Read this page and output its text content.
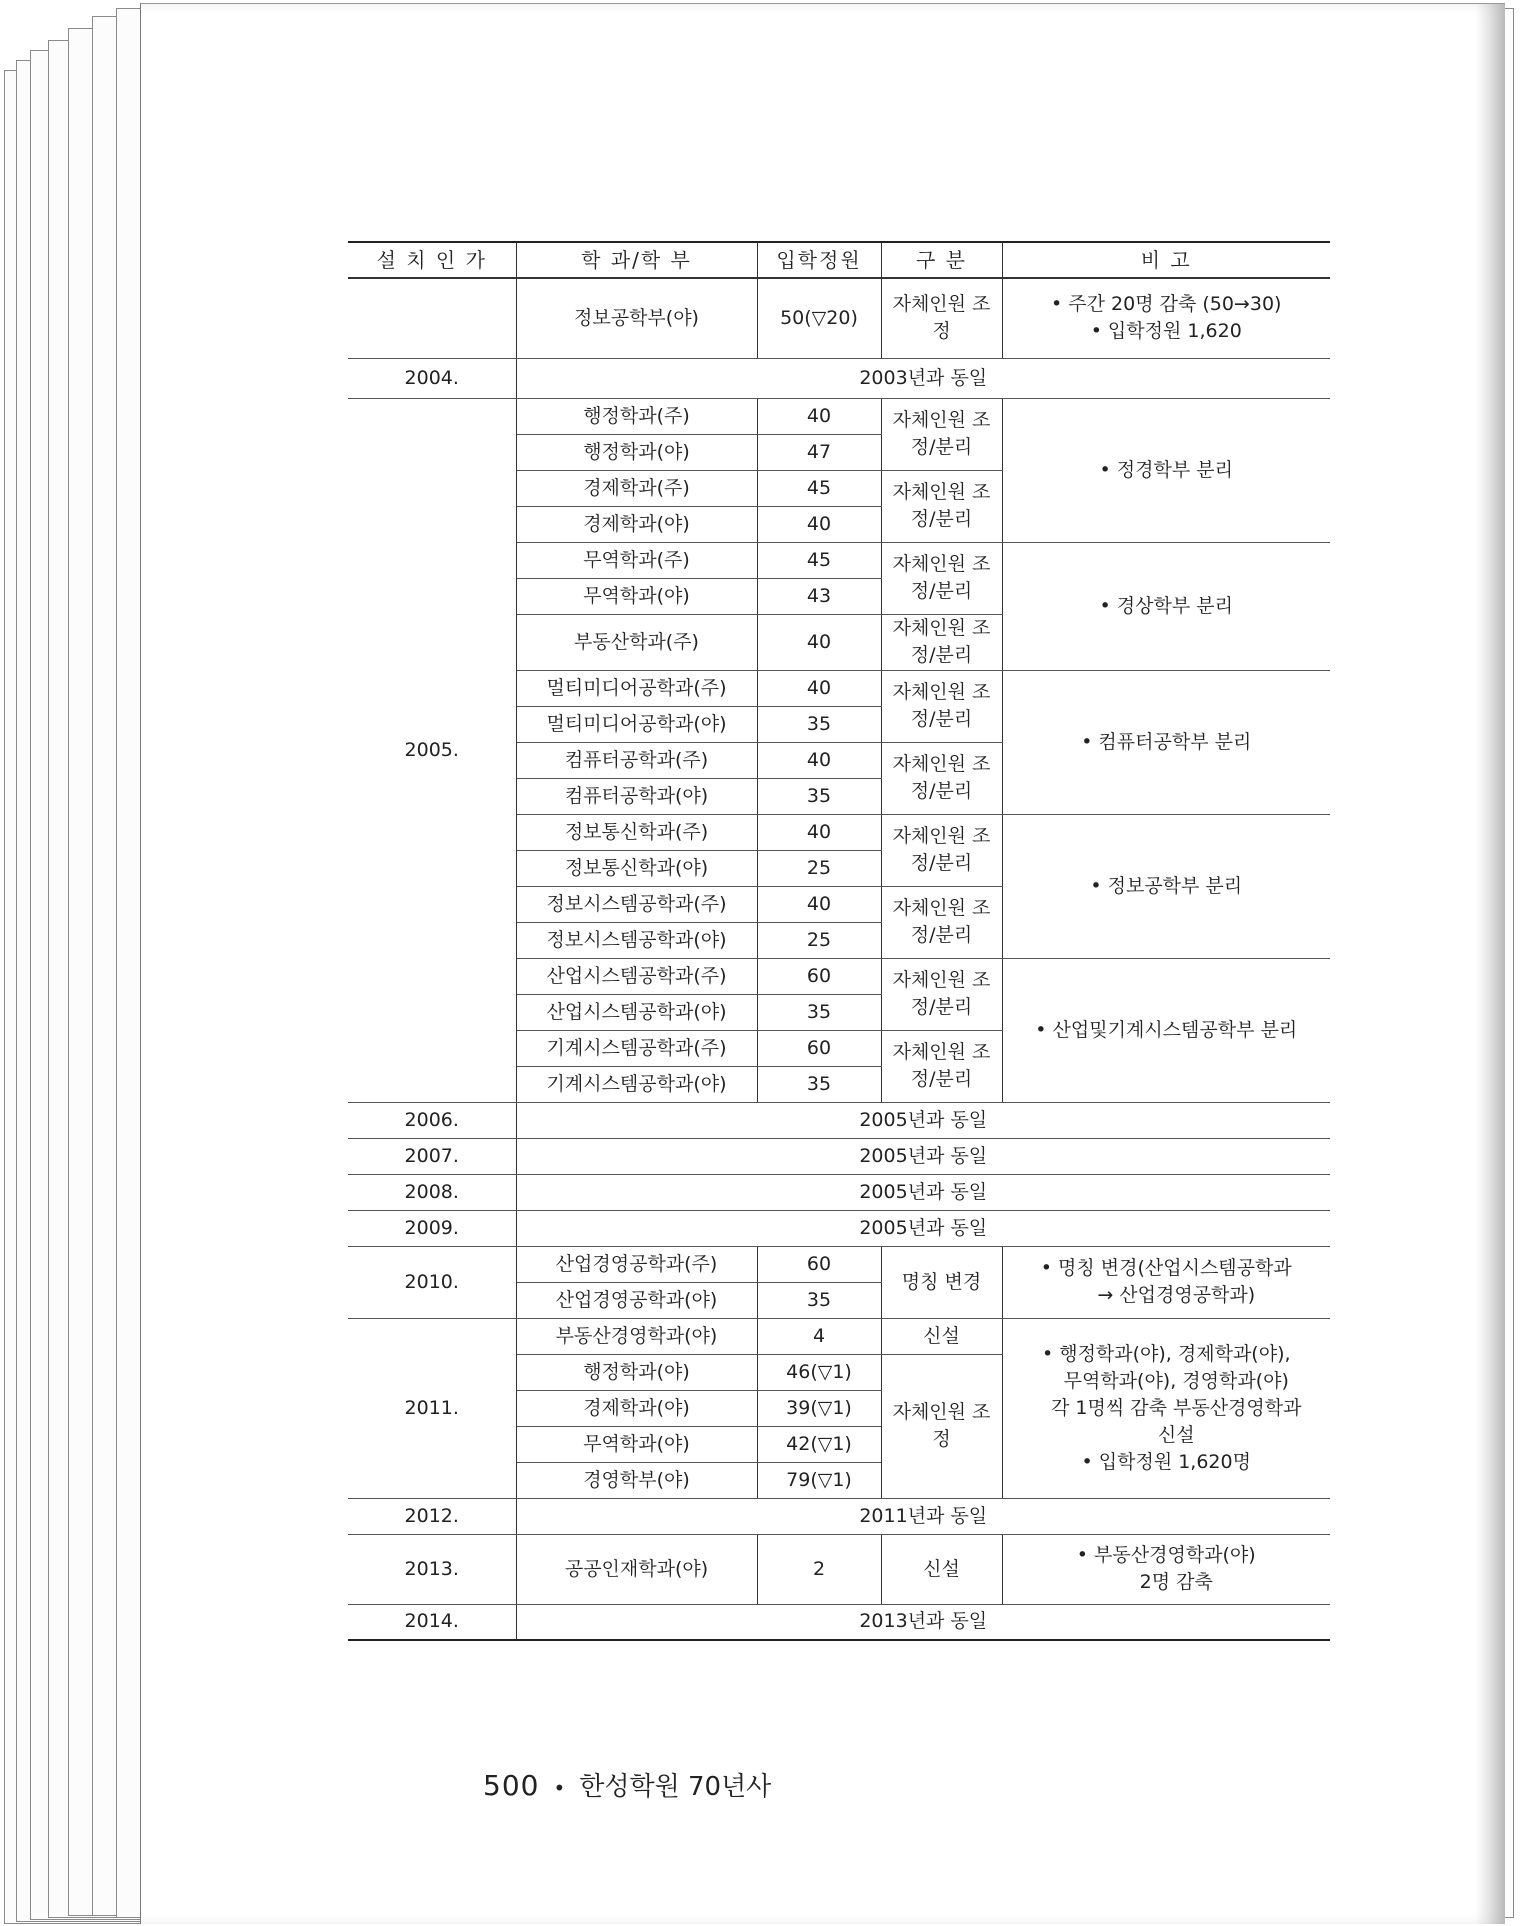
설 치 인 가	학 과/학 부	입학정원	구 분	비 고
	정보공학부(야)	50(▽20)	자체인원 조정	• 주간 20명 감축 (50→30)
• 입학정원 1,620

2004.	2003년과 동일			
2005.	행정학과(주)	40	자체인원 조정/분리	• 정경학부 분리
	행정학과(야)	47		
	경제학과(주)	45	자체인원 조정/분리	
	경제학과(야)	40		
	무역학과(주)	45	자체인원 조정/분리	• 경상학부 분리
	무역학과(야)	43		
	부동산학과(주)	40	자체인원 조정/분리	
	멀티미디어공학과(주)	40	자체인원 조정/분리	• 컴퓨터공학부 분리
	멀티미디어공학과(야)	35		
	컴퓨터공학과(주)	40	자체인원 조정/분리	
	컴퓨터공학과(야)	35		
	정보통신학과(주)	40	자체인원 조정/분리	• 정보공학부 분리
	정보통신학과(야)	25		
	정보시스템공학과(주)	40	자체인원 조정/분리	
	정보시스템공학과(야)	25		
	산업시스템공학과(주)	60	자체인원 조정/분리	• 산업및기계시스템공학부 분리
	산업시스템공학과(야)	35		
	기계시스템공학과(주)	60	자체인원 조정/분리	
	기계시스템공학과(야)	35		
2006.	2005년과 동일			
2007.	2005년과 동일			
2008.	2005년과 동일			
2009.	2005년과 동일			
2010.	산업경영공학과(주)	60	명칭 변경	• 명칭 변경(산업시스템공학과
→ 산업경영공학과)

	산업경영공학과(야)	35		
2011.	부동산경영학과(야)	4	신설	• 행정학과(야), 경제학과(야),
무역학과(야), 경영학과(야)
각 1명씩 감축 부동산경영학과
신설
• 입학정원 1,620명

	행정학과(야)	46(▽1)	자체인원 조정	
	경제학과(야)	39(▽1)		
	무역학과(야)	42(▽1)		
	경영학부(야)	79(▽1)		
2012.	2011년과 동일			
2013.	공공인재학과(야)	2	신설	• 부동산경영학과(야)
2명 감축

2014.	2013년과 동일			
500 • 한성학원 70년사
